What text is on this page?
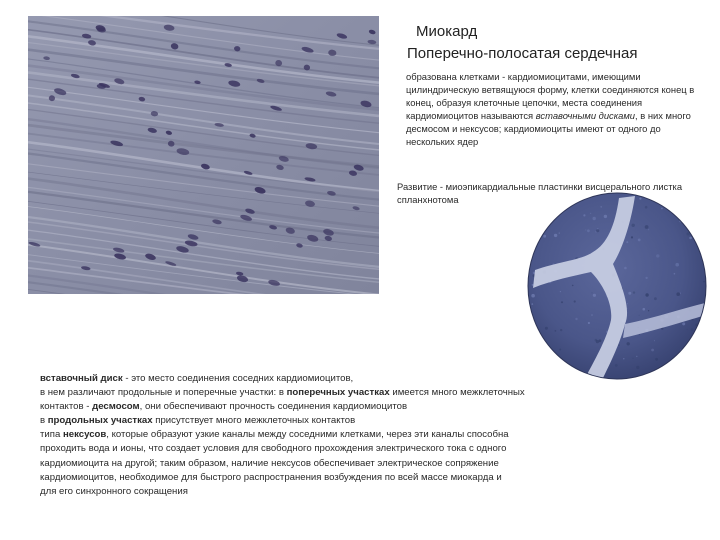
Миокард
Поперечно-полосатая сердечная
образована клетками - кардиомиоцитами, имеющими цилиндрическую ветвящуюся форму, клетки соединяются конец в конец, образуя клеточные цепочки, места соединения кардиомиоцитов называются вставочными дисками, в них много десмосом и нексусов; кардиомиоциты имеют от одного до нескольких ядер
Развитие - миоэпикардиальные пластинки висцерального листка спланхнотома
вставочный диск - это место соединения соседних кардиомиоцитов,
в нем различают продольные и поперечные участки: в поперечных участках имеется много межклеточных
контактов - десмосом, они обеспечивают прочность соединения кардиомиоцитов
в продольных участках присутствует много межклеточных контактов
типа нексусов, которые образуют узкие каналы между соседними клетками, через эти каналы способна
проходить вода и ионы, что создает условия для свободного прохождения электрического тока с одного
кардиомиоцита на другой; таким образом, наличие нексусов обеспечивает электрическое сопряжение
кардиомиоцитов, необходимое для быстрого распространения возбуждения по всей массе миокарда и
для его синхронного сокращения
